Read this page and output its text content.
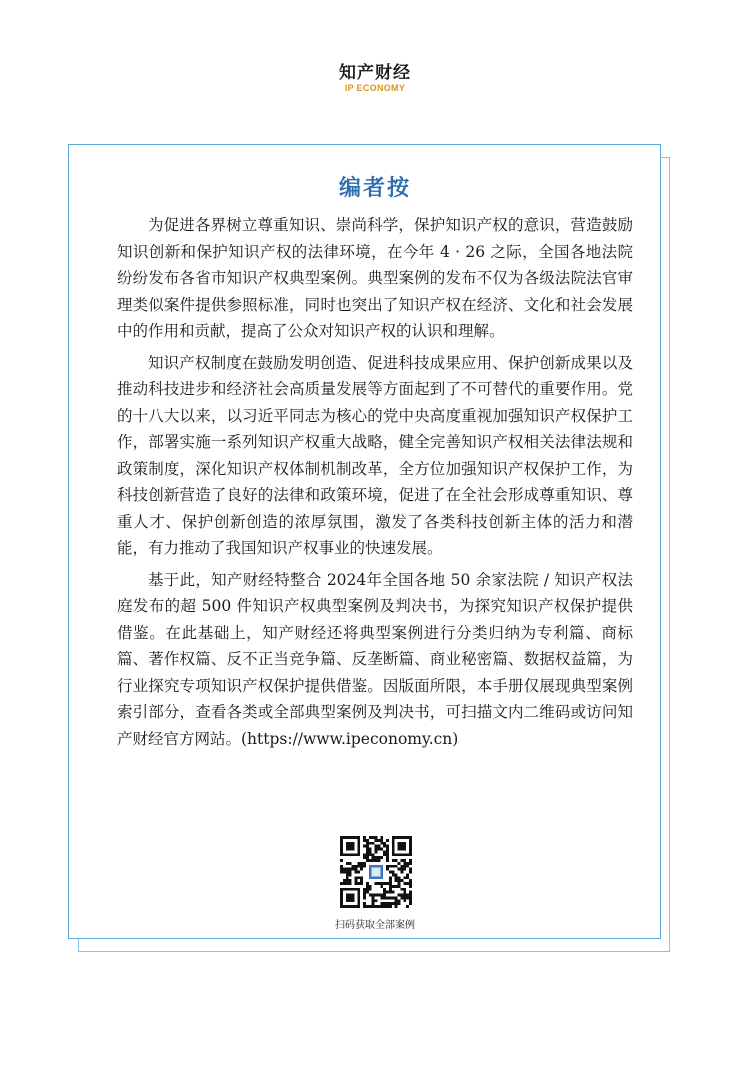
知产财经
IP ECONOMY
编者按

为促进各界树立尊重知识、崇尚科学，保护知识产权的意识，营造鼓励知识创新和保护知识产权的法律环境，在今年 4 · 26 之际，全国各地法院纷纷发布各省市知识产权典型案例。典型案例的发布不仅为各级法院法官审理类似案件提供参照标准，同时也突出了知识产权在经济、文化和社会发展中的作用和贡献，提高了公众对知识产权的认识和理解。

知识产权制度在鼓励发明创造、促进科技成果应用、保护创新成果以及推动科技进步和经济社会高质量发展等方面起到了不可替代的重要作用。党的十八大以来，以习近平同志为核心的党中央高度重视加强知识产权保护工作，部署实施一系列知识产权重大战略，健全完善知识产权相关法律法规和政策制度，深化知识产权体制机制改革，全方位加强知识产权保护工作，为科技创新营造了良好的法律和政策环境，促进了在全社会形成尊重知识、尊重人才、保护创新创造的浓厚氛围，激发了各类科技创新主体的活力和潜能，有力推动了我国知识产权事业的快速发展。

基于此，知产财经特整合 2024年全国各地 50 余家法院 / 知识产权法庭发布的超 500 件知识产权典型案例及判决书，为探究知识产权保护提供借鉴。在此基础上，知产财经还将典型案例进行分类归纳为专利篇、商标篇、著作权篇、反不正当竞争篇、反垄断篇、商业秘密篇、数据权益篇，为行业探究专项知识产权保护提供借鉴。因版面所限，本手册仅展现典型案例索引部分，查看各类或全部典型案例及判决书，可扫描文内二维码或访问知产财经官方网站。(https://www.ipeconomy.cn)

扫码获取全部案例
